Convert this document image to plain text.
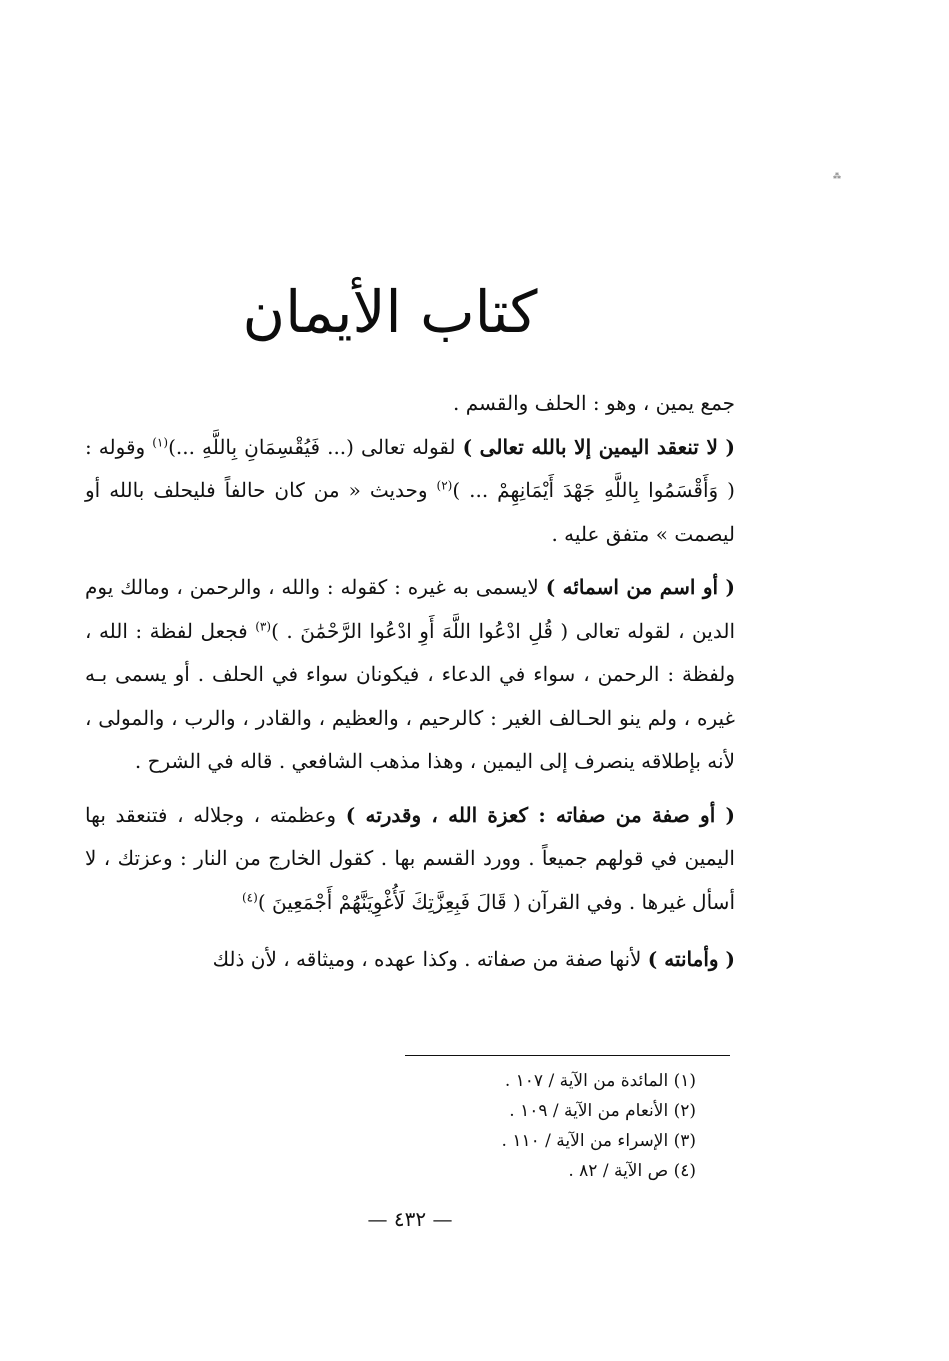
⁂
كتاب الأيمان

جمع يمين ، وهو : الحلف والقسم .

( لا تنعقد اليمين إلا بالله تعالى ) لقوله تعالى (... فَيُقْسِمَانِ بِاللَّهِ ...)$^{(١)}$ وقوله : ( وَأَقْسَمُوا بِاللَّهِ جَهْدَ أَيْمَانِهِمْ ... )$^{(٢)}$ وحديث « من كان حالفاً فليحلف بالله أو ليصمت » متفق عليه .

( أو اسم من اسمائه ) لايسمى به غيره : كقوله : والله ، والرحمن ، ومالك يوم الدين ، لقوله تعالى ( قُلِ ادْعُوا اللَّهَ أَوِ ادْعُوا الرَّحْمَٰنَ . )$^{(٣)}$ فجعل لفظة : الله ، ولفظة : الرحمن ، سواء في الدعاء ، فيكونان سواء في الحلف . أو يسمى بـه غيره ، ولم ينو الحـالف الغير : كالرحيم ، والعظيم ، والقادر ، والرب ، والمولى ، لأنه بإطلاقه ينصرف إلى اليمين ، وهذا مذهب الشافعي . قاله في الشرح .

( أو صفة من صفاته : كعزة الله ، وقدرته ) وعظمته ، وجلاله ، فتنعقد بها اليمين في قولهم جميعاً . وورد القسم بها . كقول الخارج من النار : وعزتك ، لا أسأل غيرها . وفي القرآن ( قَالَ فَبِعِزَّتِكَ لَأُغْوِيَنَّهُمْ أَجْمَعِينَ )$^{(٤)}$

( وأمانته ) لأنها صفة من صفاته . وكذا عهده ، وميثاقه ، لأن ذلك

(١) المائدة من الآية / ١٠٧ .
(٢) الأنعام من الآية / ١٠٩ .
(٣) الإسراء من الآية / ١١٠ .
(٤) ص الآية / ٨٢ .
— ٤٣٢ —
